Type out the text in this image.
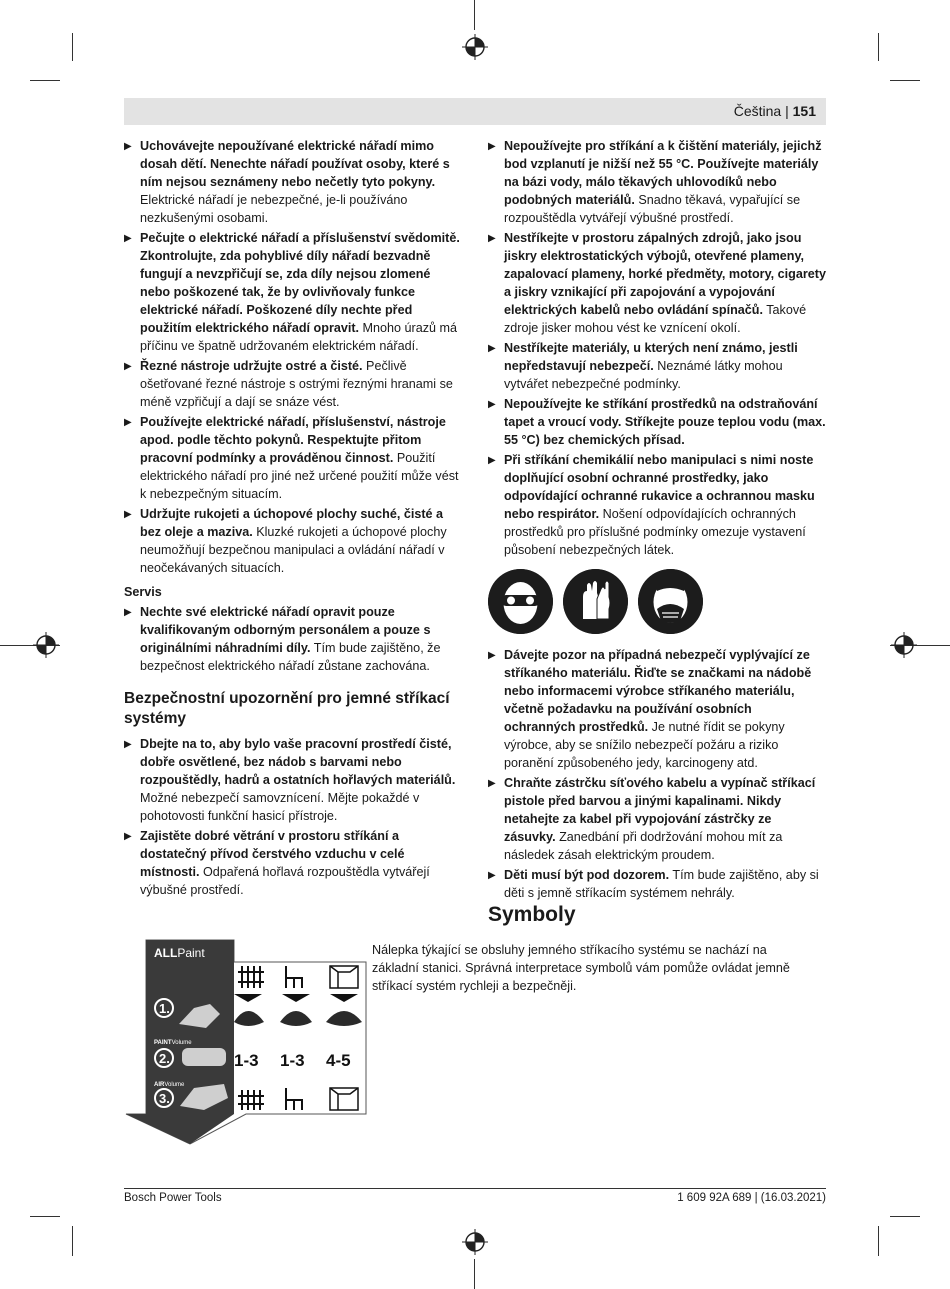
Čeština | 151
▶ Uchovávejte nepoužívané elektrické nářadí mimo dosah dětí. Nenechte nářadí používat osoby, které s ním nejsou seznámeny nebo nečetly tyto pokyny. Elektrické nářadí je nebezpečné, je-li používáno nezkušenými osobami.
▶ Pečujte o elektrické nářadí a příslušenství svědomitě. Zkontrolujte, zda pohyblivé díly nářadí bezvadně fungují a nevzpřičují se, zda díly nejsou zlomené nebo poškozené tak, že by ovlivňovaly funkce elektrické nářadí. Poškozené díly nechte před použitím elektrického nářadí opravit. Mnoho úrazů má příčinu ve špatně udržovaném elektrickém nářadí.
▶ Řezné nástroje udržujte ostré a čisté. Pečlivě ošetřované řezné nástroje s ostrými řeznými hranami se méně vzpřičují a dají se snáze vést.
▶ Používejte elektrické nářadí, příslušenství, nástroje apod. podle těchto pokynů. Respektujte přitom pracovní podmínky a prováděnou činnost. Použití elektrického nářadí pro jiné než určené použití může vést k nebezpečným situacím.
▶ Udržujte rukojeti a úchopové plochy suché, čisté a bez oleje a maziva. Kluzké rukojeti a úchopové plochy neumožňují bezpečnou manipulaci a ovládání nářadí v neočekávaných situacích.
Servis
▶ Nechte své elektrické nářadí opravit pouze kvalifikovaným odborným personálem a pouze s originálními náhradními díly. Tím bude zajištěno, že bezpečnost elektrického nářadí zůstane zachována.
Bezpečnostní upozornění pro jemné stříkací systémy
▶ Dbejte na to, aby bylo vaše pracovní prostředí čisté, dobře osvětlené, bez nádob s barvami nebo rozpouštědly, hadrů a ostatních hořlavých materiálů. Možné nebezpečí samovznícení. Mějte pokaždé v pohotovosti funkční hasicí přístroje.
▶ Zajistěte dobré větrání v prostoru stříkání a dostatečný přívod čerstvého vzduchu v celé místnosti. Odpařená hořlavá rozpouštědla vytvářejí výbušné prostředí.
▶ Nepoužívejte pro stříkání a k čištění materiály, jejichž bod vzplanutí je nižší než 55 °C. Používejte materiály na bázi vody, málo těkavých uhlovodíků nebo podobných materiálů. Snadno těkavá, vypařující se rozpouštědla vytvářejí výbušné prostředí.
▶ Nestříkejte v prostoru zápalných zdrojů, jako jsou jiskry elektrostatických výbojů, otevřené plameny, zapalovací plameny, horké předměty, motory, cigarety a jiskry vznikající při zapojování a vypojování elektrických kabelů nebo ovládání spínačů. Takové zdroje jisker mohou vést ke vznícení okolí.
▶ Nestříkejte materiály, u kterých není známo, jestli nepředstavují nebezpečí. Neznámé látky mohou vytvářet nebezpečné podmínky.
▶ Nepoužívejte ke stříkání prostředků na odstraňování tapet a vroucí vody. Stříkejte pouze teplou vodu (max. 55 °C) bez chemických přísad.
▶ Při stříkání chemikálií nebo manipulaci s nimi noste doplňující osobní ochranné prostředky, jako odpovídající ochranné rukavice a ochrannou masku nebo respirátor. Nošení odpovídajících ochranných prostředků pro příslušné podmínky omezuje vystavení působení nebezpečných látek.
▶ Dávejte pozor na případná nebezpečí vyplývající ze stříkaného materiálu. Řiďte se značkami na nádobě nebo informacemi výrobce stříkaného materiálu, včetně požadavku na používání osobních ochranných prostředků. Je nutné řídit se pokyny výrobce, aby se snížilo nebezpečí požáru a riziko poranění způsobeného jedy, karcinogeny atd.
▶ Chraňte zástrčku síťového kabelu a vypínač stříkací pistole před barvou a jinými kapalinami. Nikdy netahejte za kabel při vypojování zástrčky ze zásuvky. Zanedbání při dodržování mohou mít za následek zásah elektrickým proudem.
▶ Děti musí být pod dozorem. Tím bude zajištěno, aby si děti s jemně stříkacím systémem nehrály.
Symboly
Nálepka týkající se obsluhy jemného stříkacího systému se nachází na základní stanici. Správná interpretace symbolů vám pomůže ovládat jemně stříkací systém rychleji a bezpečněji.
ALLPaint
1.
PAINTVolume
2.
AIRVolume
3.
1-3 1-3 4-5
Bosch Power Tools	1 609 92A 689 | (16.03.2021)
